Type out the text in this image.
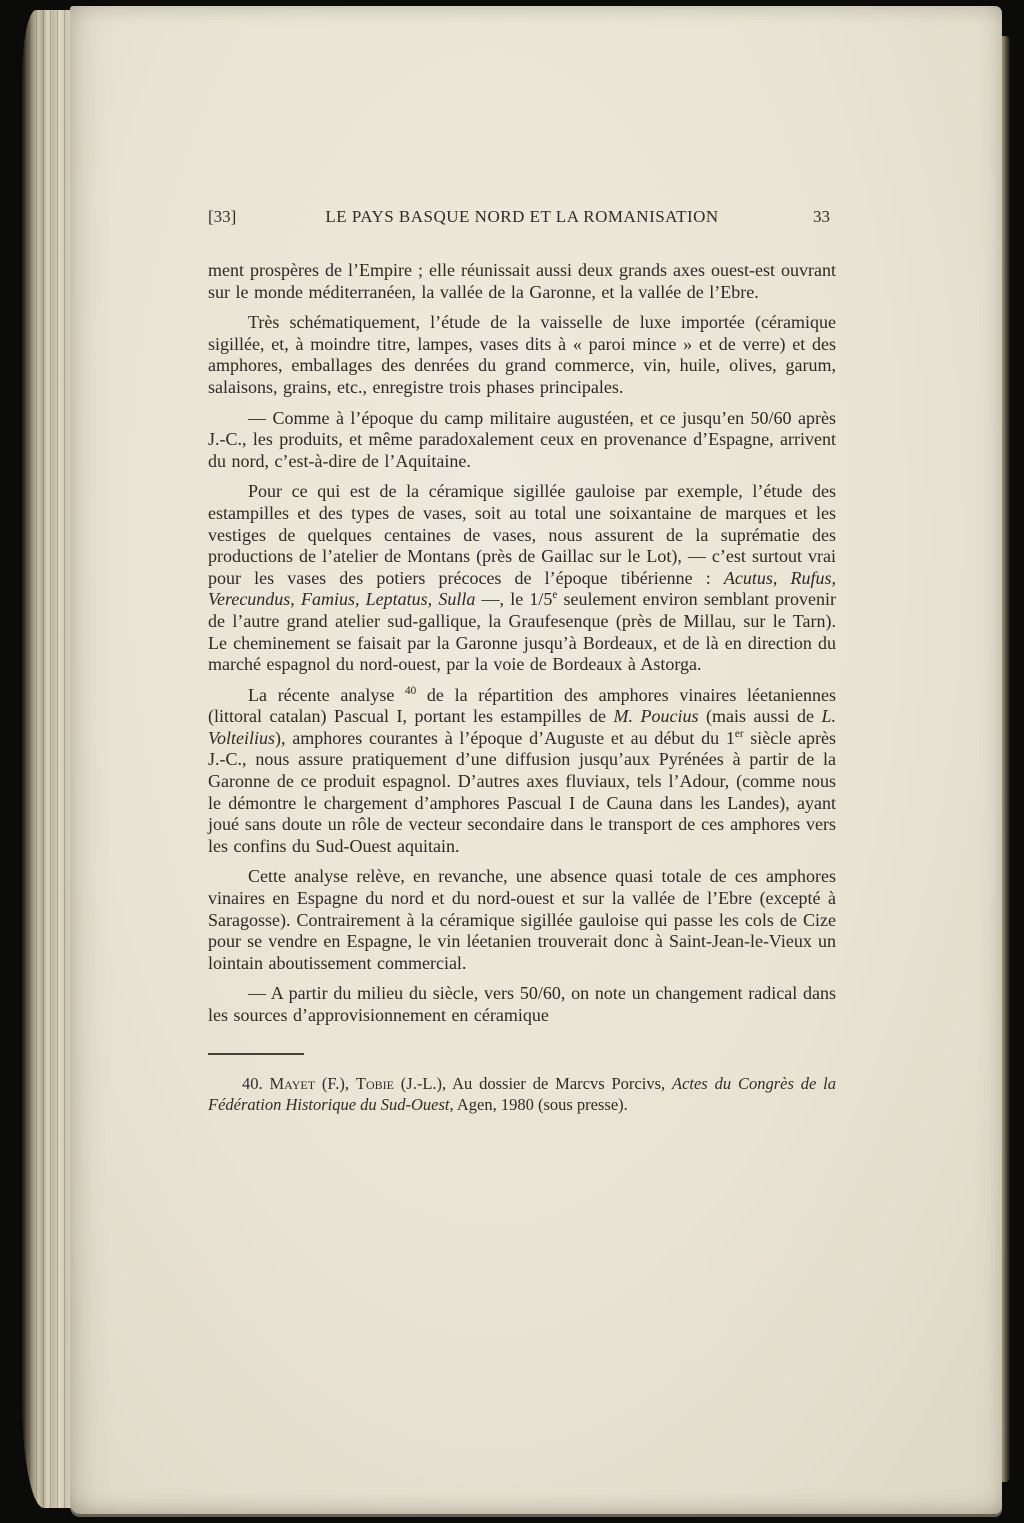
[33]	LE PAYS BASQUE NORD ET LA ROMANISATION	33

ment prospères de l’Empire ; elle réunissait aussi deux grands axes ouest-est ouvrant sur le monde méditerranéen, la vallée de la Garonne, et la vallée de l’Ebre.

Très schématiquement, l’étude de la vaisselle de luxe importée (céramique sigillée, et, à moindre titre, lampes, vases dits à « paroi mince » et de verre) et des amphores, emballages des denrées du grand commerce, vin, huile, olives, garum, salaisons, grains, etc., enregistre trois phases principales.

— Comme à l’époque du camp militaire augustéen, et ce jusqu’en 50/60 après J.-C., les produits, et même paradoxalement ceux en provenance d’Espagne, arrivent du nord, c’est-à-dire de l’Aquitaine.

Pour ce qui est de la céramique sigillée gauloise par exemple, l’étude des estampilles et des types de vases, soit au total une soixantaine de marques et les vestiges de quelques centaines de vases, nous assurent de la suprématie des productions de l’atelier de Montans (près de Gaillac sur le Lot), — c’est surtout vrai pour les vases des potiers précoces de l’époque tibérienne : Acutus, Rufus, Verecundus, Famius, Leptatus, Sulla —, le 1/5e seulement environ semblant provenir de l’autre grand atelier sud-gallique, la Graufesenque (près de Millau, sur le Tarn). Le cheminement se faisait par la Garonne jusqu’à Bordeaux, et de là en direction du marché espagnol du nord-ouest, par la voie de Bordeaux à Astorga.

La récente analyse $^{40}$ de la répartition des amphores vinaires léetaniennes (littoral catalan) Pascual I, portant les estampilles de M. Poucius (mais aussi de L. Volteilius), amphores courantes à l’époque d’Auguste et au début du 1er siècle après J.-C., nous assure pratiquement d’une diffusion jusqu’aux Pyrénées à partir de la Garonne de ce produit espagnol. D’autres axes fluviaux, tels l’Adour, (comme nous le démontre le chargement d’amphores Pascual I de Cauna dans les Landes), ayant joué sans doute un rôle de vecteur secondaire dans le transport de ces amphores vers les confins du Sud-Ouest aquitain.

Cette analyse relève, en revanche, une absence quasi totale de ces amphores vinaires en Espagne du nord et du nord-ouest et sur la vallée de l’Ebre (excepté à Saragosse). Contrairement à la céramique sigillée gauloise qui passe les cols de Cize pour se vendre en Espagne, le vin léetanien trouverait donc à Saint-Jean-le-Vieux un lointain aboutissement commercial.

— A partir du milieu du siècle, vers 50/60, on note un changement radical dans les sources d’approvisionnement en céramique

40. Mayet (F.), Tobie (J.-L.), Au dossier de Marcvs Porcivs, Actes du Congrès de la Fédération Historique du Sud-Ouest, Agen, 1980 (sous presse).
